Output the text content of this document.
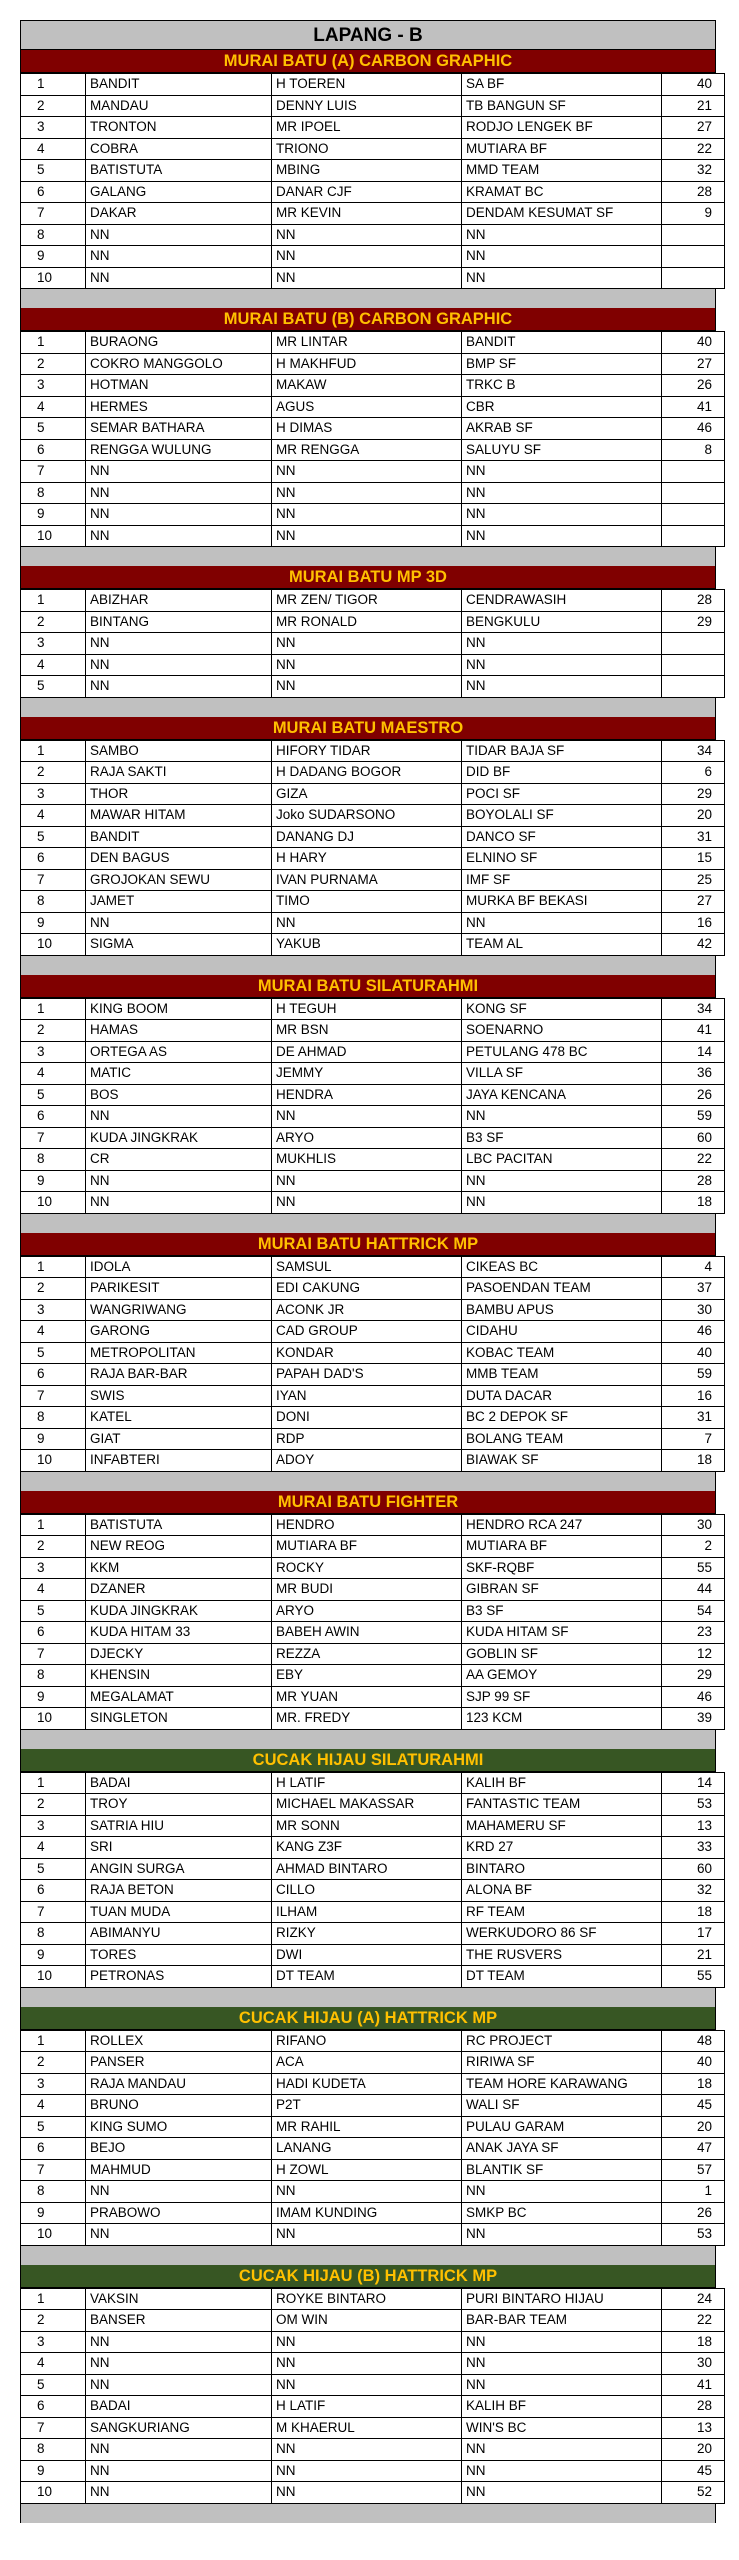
LAPANG - B
MURAI BATU (A) CARBON GRAPHIC
1	BANDIT	H TOEREN	SA BF	40
2	MANDAU	DENNY LUIS	TB BANGUN SF	21
3	TRONTON	MR IPOEL	RODJO LENGEK BF	27
4	COBRA	TRIONO	MUTIARA BF	22
5	BATISTUTA	MBING	MMD TEAM	32
6	GALANG	DANAR CJF	KRAMAT BC	28
7	DAKAR	MR KEVIN	DENDAM KESUMAT SF	9
8	NN	NN	NN	
9	NN	NN	NN	
10	NN	NN	NN	
MURAI BATU (B) CARBON GRAPHIC
1	BURAONG	MR LINTAR	BANDIT	40
2	COKRO MANGGOLO	H MAKHFUD	BMP SF	27
3	HOTMAN	MAKAW	TRKC B	26
4	HERMES	AGUS	CBR	41
5	SEMAR BATHARA	H DIMAS	AKRAB SF	46
6	RENGGA WULUNG	MR RENGGA	SALUYU SF	8
7	NN	NN	NN	
8	NN	NN	NN	
9	NN	NN	NN	
10	NN	NN	NN	
MURAI BATU MP 3D
1	ABIZHAR	MR ZEN/ TIGOR	CENDRAWASIH	28
2	BINTANG	MR RONALD	BENGKULU	29
3	NN	NN	NN	
4	NN	NN	NN	
5	NN	NN	NN	
MURAI BATU MAESTRO
1	SAMBO	HIFORY TIDAR	TIDAR BAJA SF	34
2	RAJA SAKTI	H DADANG BOGOR	DID BF	6
3	THOR	GIZA	POCI SF	29
4	MAWAR HITAM	Joko SUDARSONO	BOYOLALI SF	20
5	BANDIT	DANANG DJ	DANCO SF	31
6	DEN BAGUS	H HARY	ELNINO SF	15
7	GROJOKAN SEWU	IVAN PURNAMA	IMF SF	25
8	JAMET	TIMO	MURKA BF BEKASI	27
9	NN	NN	NN	16
10	SIGMA	YAKUB	TEAM AL	42
MURAI BATU SILATURAHMI
1	KING BOOM	H TEGUH	KONG SF	34
2	HAMAS	MR BSN	SOENARNO	41
3	ORTEGA AS	DE AHMAD	PETULANG 478 BC	14
4	MATIC	JEMMY	VILLA SF	36
5	BOS	HENDRA	JAYA KENCANA	26
6	NN	NN	NN	59
7	KUDA JINGKRAK	ARYO	B3 SF	60
8	CR	MUKHLIS	LBC PACITAN	22
9	NN	NN	NN	28
10	NN	NN	NN	18
MURAI BATU HATTRICK MP
1	IDOLA	SAMSUL	CIKEAS BC	4
2	PARIKESIT	EDI CAKUNG	PASOENDAN TEAM	37
3	WANGRIWANG	ACONK JR	BAMBU APUS	30
4	GARONG	CAD GROUP	CIDAHU	46
5	METROPOLITAN	KONDAR	KOBAC TEAM	40
6	RAJA BAR-BAR	PAPAH DAD'S	MMB TEAM	59
7	SWIS	IYAN	DUTA DACAR	16
8	KATEL	DONI	BC 2 DEPOK SF	31
9	GIAT	RDP	BOLANG TEAM	7
10	INFABTERI	ADOY	BIAWAK SF	18
MURAI BATU FIGHTER
1	BATISTUTA	HENDRO	HENDRO RCA 247	30
2	NEW REOG	MUTIARA BF	MUTIARA BF	2
3	KKM	ROCKY	SKF-RQBF	55
4	DZANER	MR BUDI	GIBRAN SF	44
5	KUDA JINGKRAK	ARYO	B3 SF	54
6	KUDA HITAM 33	BABEH AWIN	KUDA HITAM SF	23
7	DJECKY	REZZA	GOBLIN SF	12
8	KHENSIN	EBY	AA GEMOY	29
9	MEGALAMAT	MR YUAN	SJP 99 SF	46
10	SINGLETON	MR. FREDY	123 KCM	39
CUCAK HIJAU SILATURAHMI
1	BADAI	H LATIF	KALIH BF	14
2	TROY	MICHAEL MAKASSAR	FANTASTIC TEAM	53
3	SATRIA HIU	MR SONN	MAHAMERU SF	13
4	SRI	KANG Z3F	KRD 27	33
5	ANGIN SURGA	AHMAD BINTARO	BINTARO	60
6	RAJA BETON	CILLO	ALONA BF	32
7	TUAN MUDA	ILHAM	RF TEAM	18
8	ABIMANYU	RIZKY	WERKUDORO 86 SF	17
9	TORES	DWI	THE RUSVERS	21
10	PETRONAS	DT TEAM	DT TEAM	55
CUCAK HIJAU (A) HATTRICK MP
1	ROLLEX	RIFANO	RC PROJECT	48
2	PANSER	ACA	RIRIWA SF	40
3	RAJA MANDAU	HADI KUDETA	TEAM HORE KARAWANG	18
4	BRUNO	P2T	WALI SF	45
5	KING SUMO	MR RAHIL	PULAU GARAM	20
6	BEJO	LANANG	ANAK JAYA SF	47
7	MAHMUD	H ZOWL	BLANTIK SF	57
8	NN	NN	NN	1
9	PRABOWO	IMAM KUNDING	SMKP BC	26
10	NN	NN	NN	53
CUCAK HIJAU (B) HATTRICK MP
1	VAKSIN	ROYKE BINTARO	PURI BINTARO HIJAU	24
2	BANSER	OM WIN	BAR-BAR TEAM	22
3	NN	NN	NN	18
4	NN	NN	NN	30
5	NN	NN	NN	41
6	BADAI	H LATIF	KALIH BF	28
7	SANGKURIANG	M KHAERUL	WIN'S BC	13
8	NN	NN	NN	20
9	NN	NN	NN	45
10	NN	NN	NN	52
